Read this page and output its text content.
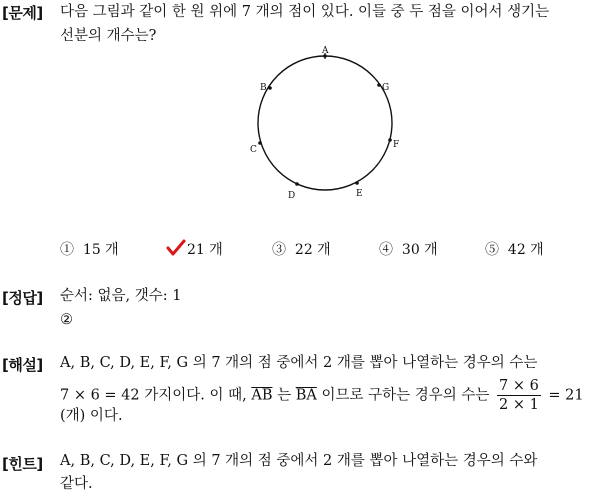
[문제] 다음 그림과 같이 한 원 위에 7 개의 점이 있다. 이들 중 두 점을 이어서 생기는
선분의 개수는?
A
G
F
E
D
C
B
① 15 개	21 개	③ 22 개	④ 30 개	⑤ 42 개
[정답] 순서: 없음, 갯수: 1
②
[해설] A, B, C, D, E, F, G 의 7 개의 점 중에서 2 개를 뽑아 나열하는 경우의 수는
7 × 6 = 42 가지이다. 이 때, $\overline{AB}$ 는 $\overline{BA}$ 이므로 구하는 경우의 수는 $\frac{7 \times 6}{2 \times 1} = 21$
(개) 이다.
[힌트] A, B, C, D, E, F, G 의 7 개의 점 중에서 2 개를 뽑아 나열하는 경우의 수와
같다.
